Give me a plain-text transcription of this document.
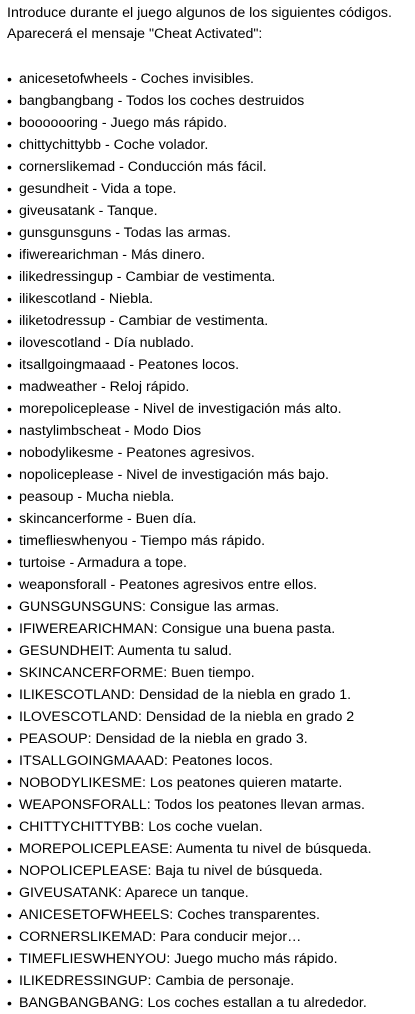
Introduce durante el juego algunos de los siguientes códigos.

Aparecerá el mensaje "Cheat Activated":

• anicesetofwheels - Coches invisibles.
• bangbangbang - Todos los coches destruidos
• booooooring - Juego más rápido.
• chittychittybb - Coche volador.
• cornerslikemad - Conducción más fácil.
• gesundheit - Vida a tope.
• giveusatank - Tanque.
• gunsgunsguns - Todas las armas.
• ifiwerearichman - Más dinero.
• ilikedressingup - Cambiar de vestimenta.
• ilikescotland - Niebla.
• iliketodressup - Cambiar de vestimenta.
• ilovescotland - Día nublado.
• itsallgoingmaaad - Peatones locos.
• madweather - Reloj rápido.
• morepoliceplease - Nivel de investigación más alto.
• nastylimbscheat - Modo Dios
• nobodylikesme - Peatones agresivos.
• nopoliceplease - Nivel de investigación más bajo.
• peasoup - Mucha niebla.
• skincancerforme - Buen día.
• timeflieswhenyou - Tiempo más rápido.
• turtoise - Armadura a tope.
• weaponsforall - Peatones agresivos entre ellos.
• GUNSGUNSGUNS: Consigue las armas.
• IFIWEREARICHMAN: Consigue una buena pasta.
• GESUNDHEIT: Aumenta tu salud.
• SKINCANCERFORME: Buen tiempo.
• ILIKESCOTLAND: Densidad de la niebla en grado 1.
• ILOVESCOTLAND: Densidad de la niebla en grado 2
• PEASOUP: Densidad de la niebla en grado 3.
• ITSALLGOINGMAAAD: Peatones locos.
• NOBODYLIKESME: Los peatones quieren matarte.
• WEAPONSFORALL: Todos los peatones llevan armas.
• CHITTYCHITTYBB: Los coche vuelan.
• MOREPOLICEPLEASE: Aumenta tu nivel de búsqueda.
• NOPOLICEPLEASE: Baja tu nivel de búsqueda.
• GIVEUSATANK: Aparece un tanque.
• ANICESETOFWHEELS: Coches transparentes.
• CORNERSLIKEMAD: Para conducir mejor…
• TIMEFLIESWHENYOU: Juego mucho más rápido.
• ILIKEDRESSINGUP: Cambia de personaje.
• BANGBANGBANG: Los coches estallan a tu alrededor.
